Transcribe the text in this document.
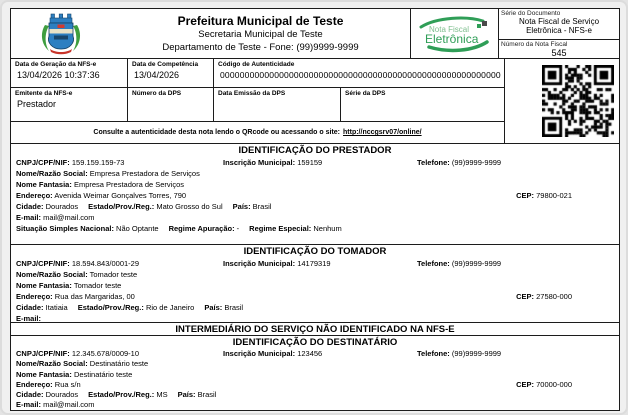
Prefeitura Municipal de Teste
Secretaria Municipal de Teste
Departamento de Teste - Fone: (99)9999-9999
Nota Fiscal
Eletrônica
Série do Documento
Nota Fiscal de Serviço Eletrônica - NFS-e
Número da Nota Fiscal
545
Data de Geração da NFS-e
13/04/2026 10:37:36
Data de Competência
13/04/2026
Código de Autenticidade
000000000000000000000000000000000000000000000000000000000
Emitente da NFS-e
Prestador
Número da DPS	Data Emissão da DPS	Série da DPS
Consulte a autenticidade desta nota lendo o QRcode ou acessando o site: http://nccgsrv07/online/
IDENTIFICAÇÃO DO PRESTADOR
CNPJ/CPF/NIF: 159.159.159-73	Inscrição Municipal: 159159	Telefone: (99)9999-9999
Nome/Razão Social: Empresa Prestadora de Serviços
Nome Fantasia: Empresa Prestadora de Serviços
Endereço: Avenida Weimar Gonçalves Torres, 790	CEP: 79800-021
Cidade: Dourados Estado/Prov./Reg.: Mato Grosso do Sul País: Brasil
E-mail: mail@mail.com
Situação Simples Nacional: Não Optante Regime Apuração: - Regime Especial: Nenhum
IDENTIFICAÇÃO DO TOMADOR
CNPJ/CPF/NIF: 18.594.843/0001-29	Inscrição Municipal: 14179319	Telefone: (99)9999-9999
Nome/Razão Social: Tomador teste
Nome Fantasia: Tomador teste
Endereço: Rua das Margaridas, 00	CEP: 27580-000
Cidade: Itatiaia Estado/Prov./Reg.: Rio de Janeiro País: Brasil
E-mail:
INTERMEDIÁRIO DO SERVIÇO NÃO IDENTIFICADO NA NFS-E
IDENTIFICAÇÃO DO DESTINATÁRIO
CNPJ/CPF/NIF: 12.345.678/0009-10	Inscrição Municipal: 123456	Telefone: (99)9999-9999
Nome/Razão Social: Destinatário teste
Nome Fantasia: Destinatário teste
Endereço: Rua s/n	CEP: 70000-000
Cidade: Dourados Estado/Prov./Reg.: MS País: Brasil
E-mail: mail@mail.com
